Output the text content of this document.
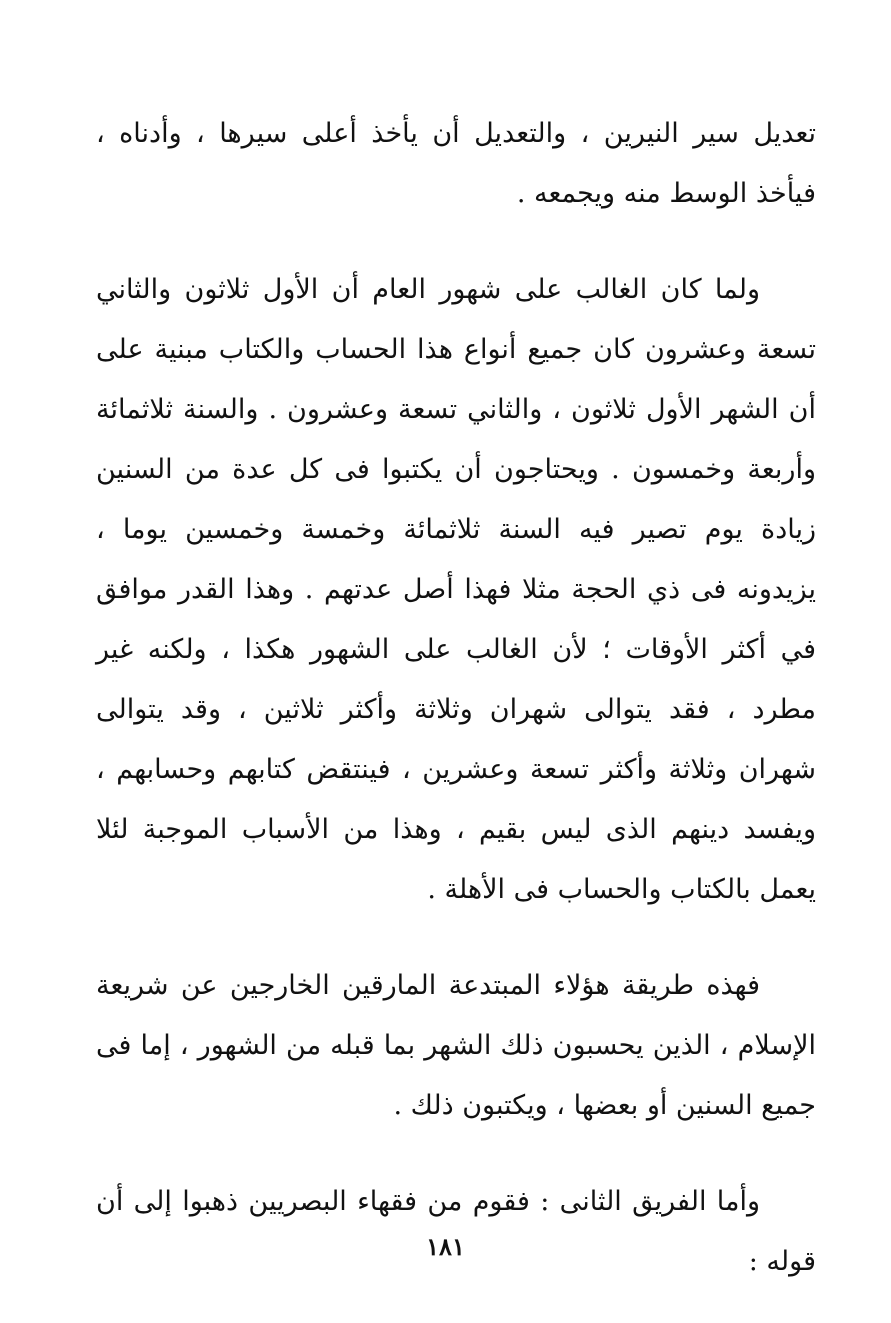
تعديل سير النيرين ، والتعديل أن يأخذ أعلى سيرها ، وأدناه ، فيأخذ الوسط منه ويجمعه .

ولما كان الغالب على شهور العام أن الأول ثلاثون والثاني تسعة وعشرون كان جميع أنواع هذا الحساب والكتاب مبنية على أن الشهر الأول ثلاثون ، والثاني تسعة وعشرون . والسنة ثلاثمائة وأربعة وخمسون . ويحتاجون أن يكتبوا فى كل عدة من السنين زيادة يوم تصير فيه السنة ثلاثمائة وخمسة وخمسين يوما ، يزيدونه فى ذي الحجة مثلا فهذا أصل عدتهم . وهذا القدر موافق في أكثر الأوقات ؛ لأن الغالب على الشهور هكذا ، ولكنه غير مطرد ، فقد يتوالى شهران وثلاثة وأكثر ثلاثين ، وقد يتوالى شهران وثلاثة وأكثر تسعة وعشرين ، فينتقض كتابهم وحسابهم ، ويفسد دينهم الذى ليس بقيم ، وهذا من الأسباب الموجبة لئلا يعمل بالكتاب والحساب فى الأهلة .

فهذه طريقة هؤلاء المبتدعة المارقين الخارجين عن شريعة الإسلام ، الذين يحسبون ذلك الشهر بما قبله من الشهور ، إما فى جميع السنين أو بعضها ، ويكتبون ذلك .

وأما الفريق الثانى : فقوم من فقهاء البصريين ذهبوا إلى أن قوله :

١٨١
